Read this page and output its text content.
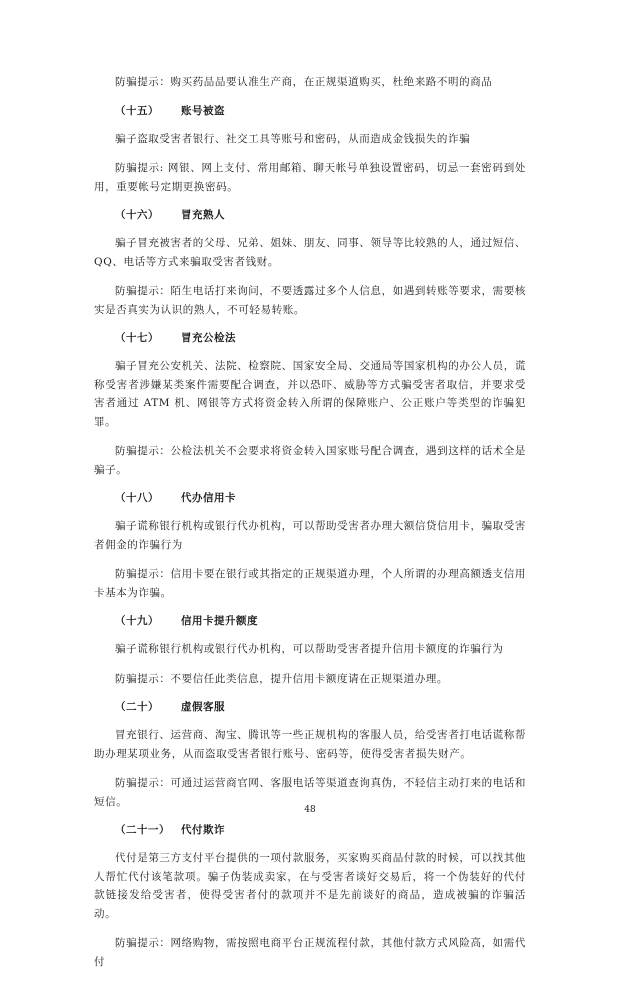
防骗提示：购买药品品要认准生产商，在正规渠道购买，杜绝来路不明的商品

（十五）	账号被盗

骗子盗取受害者银行、社交工具等账号和密码，从而造成金钱损失的诈骗

防骗提示: 网银、网上支付、常用邮箱、聊天帐号单独设置密码，切忌一套密码到处用，重要帐号定期更换密码。

（十六）	冒充熟人

骗子冒充被害者的父母、兄弟、姐妹、朋友、同事、领导等比较熟的人，通过短信、QQ、电话等方式来骗取受害者钱财。

防骗提示：陌生电话打来询问，不要透露过多个人信息，如遇到转账等要求，需要核实是否真实为认识的熟人，不可轻易转账。

（十七）	冒充公检法

骗子冒充公安机关、法院、检察院、国家安全局、交通局等国家机构的办公人员，谎称受害者涉嫌某类案件需要配合调查，并以恐吓、威胁等方式骗受害者取信，并要求受害者通过 ATM 机、网银等方式将资金转入所谓的保障账户、公正账户等类型的诈骗犯罪。

防骗提示：公检法机关不会要求将资金转入国家账号配合调查，遇到这样的话术全是骗子。

（十八）	代办信用卡

骗子谎称银行机构或银行代办机构，可以帮助受害者办理大额信贷信用卡，骗取受害者佣金的诈骗行为

防骗提示：信用卡要在银行或其指定的正规渠道办理，个人所谓的办理高额透支信用卡基本为诈骗。

（十九）	信用卡提升额度

骗子谎称银行机构或银行代办机构，可以帮助受害者提升信用卡额度的诈骗行为

防骗提示：不要信任此类信息，提升信用卡额度请在正规渠道办理。

（二十）	虚假客服

冒充银行、运营商、淘宝、腾讯等一些正规机构的客服人员，给受害者打电话谎称帮助办理某项业务，从而盗取受害者银行账号、密码等，使得受害者损失财产。

防骗提示：可通过运营商官网、客服电话等渠道查询真伪，不轻信主动打来的电话和短信。

（二十一）	代付欺诈

代付是第三方支付平台提供的一项付款服务，买家购买商品付款的时候，可以找其他人帮忙代付该笔款项。骗子伪装成卖家，在与受害者谈好交易后，将一个伪装好的代付款链接发给受害者，使得受害者付的款项并不是先前谈好的商品，造成被骗的诈骗活动。

防骗提示：网络购物，需按照电商平台正规流程付款，其他付款方式风险高，如需代付

48
